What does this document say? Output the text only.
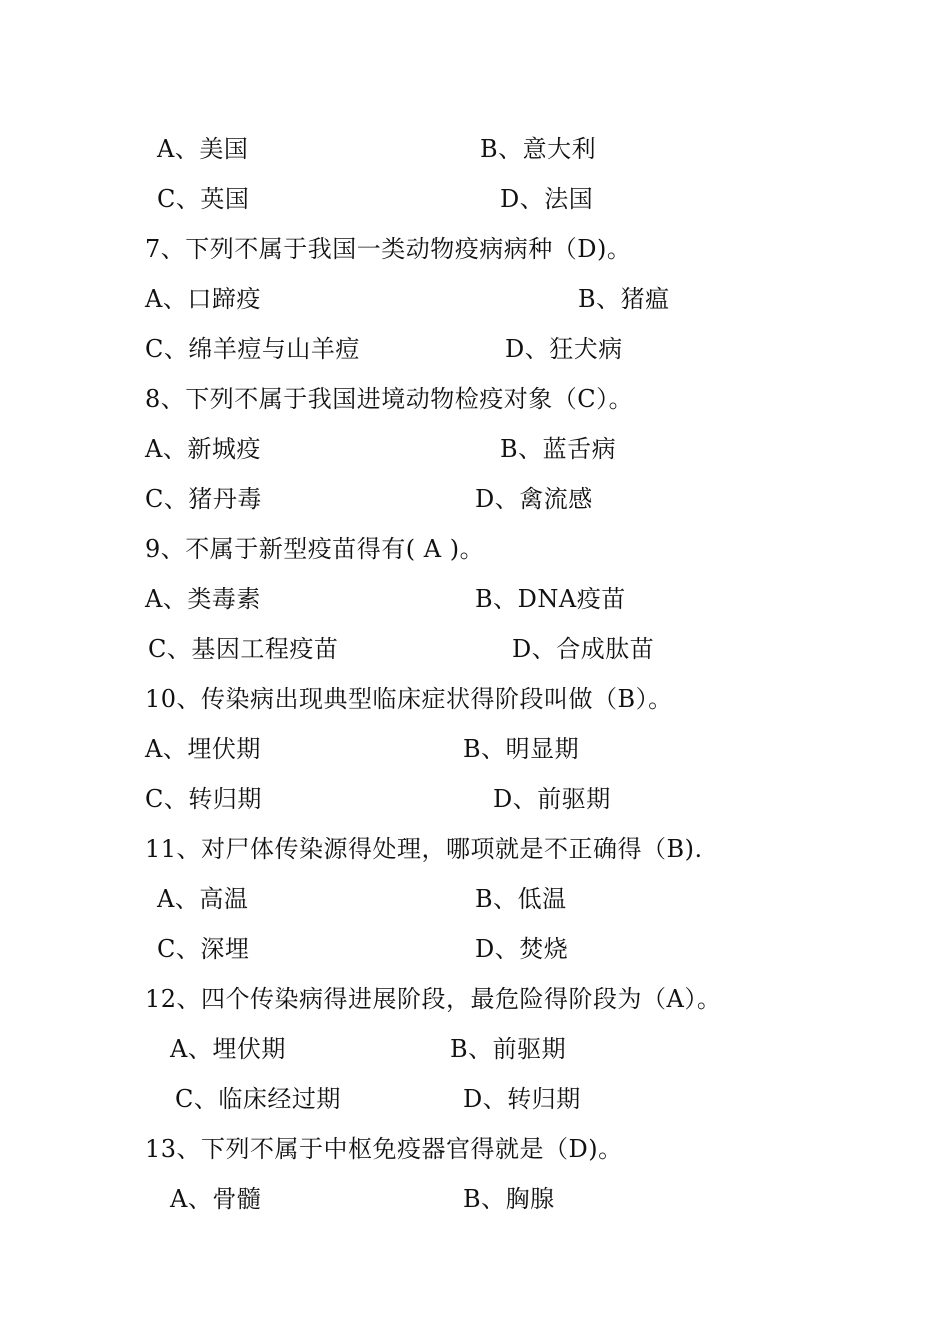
A、美国	B、意大利
C、英国	D、法国
7、下列不属于我国一类动物疫病病种（D)。
A、口蹄疫	B、猪瘟
C、绵羊痘与山羊痘	D、狂犬病
8、下列不属于我国进境动物检疫对象（C）。
A、新城疫	B、蓝舌病
C、猪丹毒	D、禽流感
9、不属于新型疫苗得有( A )。
A、类毒素	B、DNA疫苗
C、基因工程疫苗	D、合成肽苗
10、传染病出现典型临床症状得阶段叫做（B）。
A、埋伏期	B、明显期
C、转归期	D、前驱期
11、对尸体传染源得处理，哪项就是不正确得（B).
A、高温	B、低温
C、深埋	D、焚烧
12、四个传染病得进展阶段，最危险得阶段为（A）。
A、埋伏期	B、前驱期
C、临床经过期	D、转归期
13、下列不属于中枢免疫器官得就是（D)。
A、骨髓	B、胸腺
